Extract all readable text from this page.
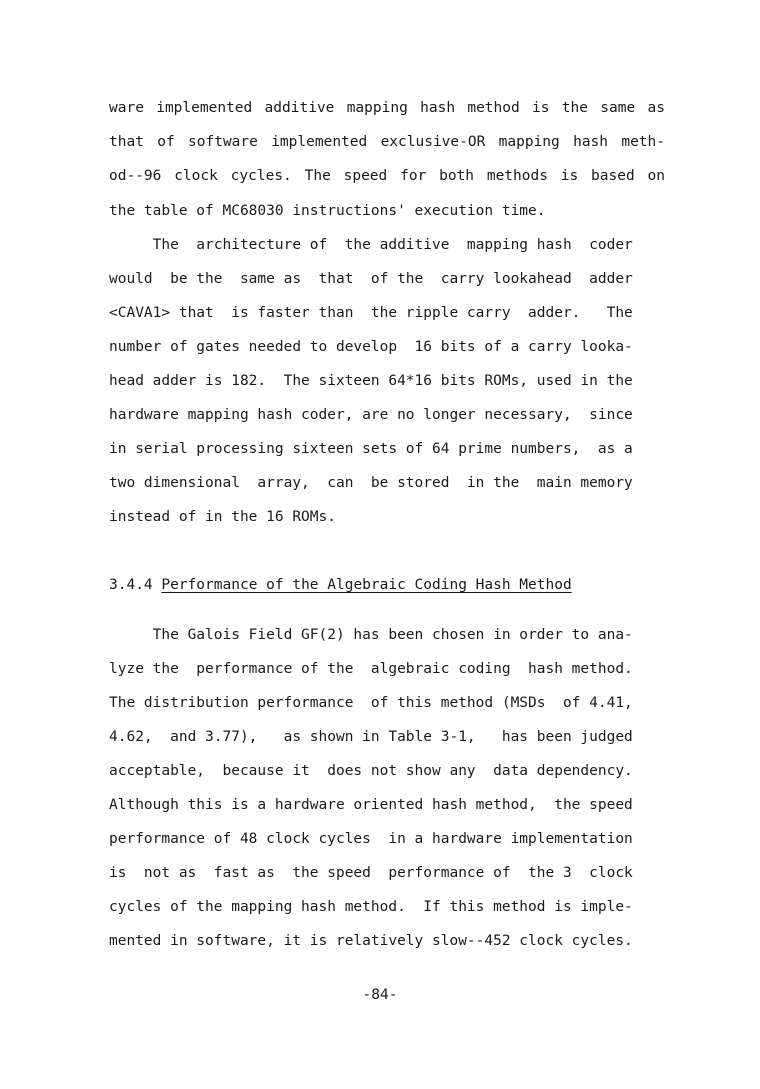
ware implemented additive mapping hash method is the same as
that of software implemented exclusive-OR mapping hash meth-
od--96 clock cycles. The speed for both methods is based on
the table of MC68030 instructions' execution time.
The  architecture of  the additive  mapping hash  coder
would  be the  same as  that  of the  carry lookahead  adder
<CAVA1> that  is faster than  the ripple carry  adder.   The
number of gates needed to develop  16 bits of a carry looka-
head adder is 182.  The sixteen 64*16 bits ROMs, used in the
hardware mapping hash coder, are no longer necessary,  since
in serial processing sixteen sets of 64 prime numbers,  as a
two dimensional  array,  can  be stored  in the  main memory
instead of in the 16 ROMs.
3.4.4 Performance of the Algebraic Coding Hash Method
The Galois Field GF(2) has been chosen in order to ana-
lyze the  performance of the  algebraic coding  hash method.
The distribution performance  of this method (MSDs  of 4.41,
4.62,  and 3.77),   as shown in Table 3-1,   has been judged
acceptable,  because it  does not show any  data dependency.
Although this is a hardware oriented hash method,  the speed
performance of 48 clock cycles  in a hardware implementation
is  not as  fast as  the speed  performance of  the 3  clock
cycles of the mapping hash method.  If this method is imple-
mented in software, it is relatively slow--452 clock cycles.
-84-
